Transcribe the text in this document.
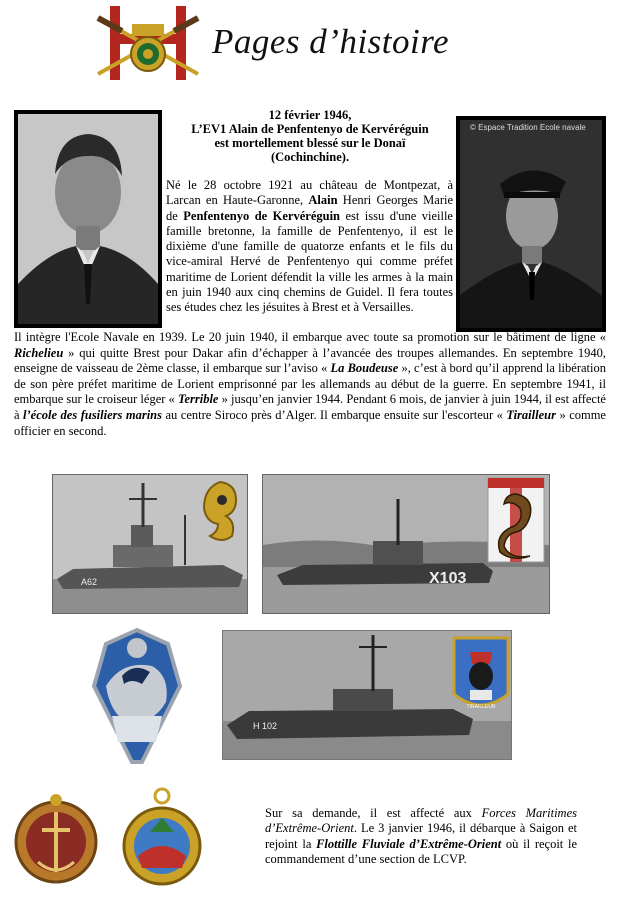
Pages d’histoire
© Espace Tradition Ecole navale
12 février 1946,
L’EV1 Alain de Penfentenyo de Kervéréguin
est mortellement blessé sur le Donaï
(Cochinchine).
Né le 28 octobre 1921 au château de Montpezat, à Larcan en Haute-Garonne, Alain Henri Georges Marie de Penfentenyo de Kervéréguin est issu d'une vieille famille bretonne, la famille de Penfentenyo, il est le dixième d'une famille de quatorze enfants et le fils du vice-amiral Hervé de Penfentenyo qui comme préfet maritime de Lorient défendit la ville les armes à la main en juin 1940 aux cinq chemins de Guidel. Il fera toutes ses études chez les jésuites à Brest et à Versailles.
Il intègre l'Ecole Navale en 1939. Le 20 juin 1940, il embarque avec toute sa promotion sur le bâtiment de ligne « Richelieu » qui quitte Brest pour Dakar afin d’échapper à l’avancée des troupes allemandes. En septembre 1940, enseigne de vaisseau de 2ème classe, il embarque sur l’aviso « La Boudeuse », c’est à bord qu’il apprend la libération de son père préfet maritime de Lorient emprisonné par les allemands au début de la guerre. En septembre 1941, il embarque sur le croiseur léger « Terrible » jusqu’en janvier 1944. Pendant 6 mois, de janvier à juin 1944, il est affecté à l’école des fusiliers marins au centre Siroco près d’Alger. Il embarque ensuite sur l'escorteur « Tirailleur » comme officier en second.
A62	X103
H 102
TIRAILLEUR
Sur sa demande, il est affecté aux Forces Maritimes d’Extrême-Orient. Le 3 janvier 1946, il débarque à Saigon et rejoint la Flottille Fluviale d’Extrême-Orient où il reçoit le commandement d’une section de LCVP.
